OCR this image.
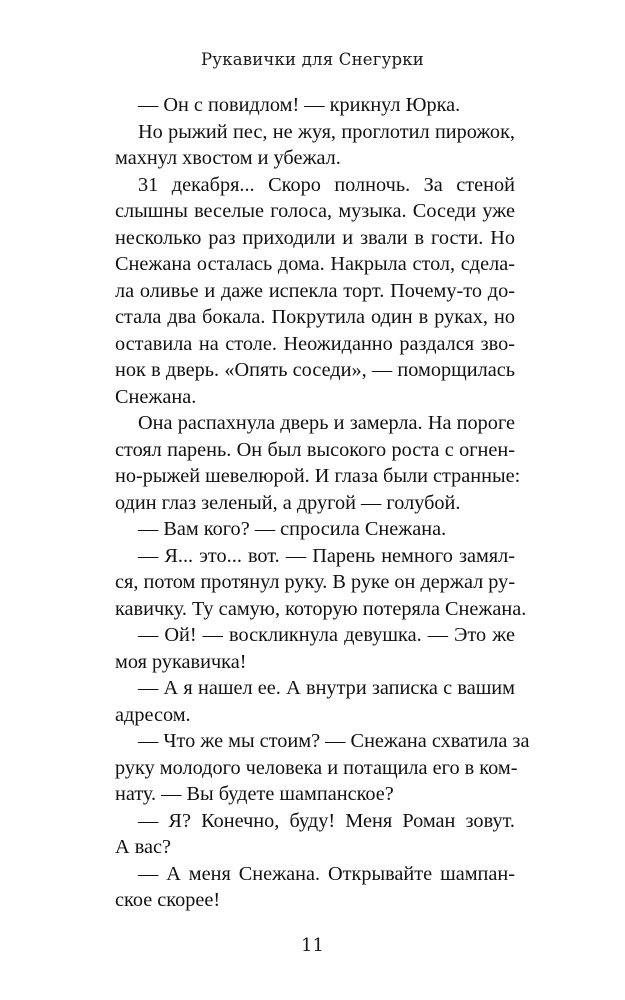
Рукавички для Снегурки
— Он с повидлом! — крикнул Юрка.
Но рыжий пес, не жуя, проглотил пирожок,
махнул хвостом и убежал.
31 декабря... Скоро полночь. За стеной
слышны веселые голоса, музыка. Соседи уже
несколько раз приходили и звали в гости. Но
Снежана осталась дома. Накрыла стол, сдела-
ла оливье и даже испекла торт. Почему-то до-
стала два бокала. Покрутила один в руках, но
оставила на столе. Неожиданно раздался зво-
нок в дверь. «Опять соседи», — поморщилась
Снежана.
Она распахнула дверь и замерла. На пороге
стоял парень. Он был высокого роста с огнен-
но-рыжей шевелюрой. И глаза были странные:
один глаз зеленый, а другой — голубой.
— Вам кого? — спросила Снежана.
— Я... это... вот. — Парень немного замял-
ся, потом протянул руку. В руке он держал ру-
кавичку. Ту самую, которую потеряла Снежана.
— Ой! — воскликнула девушка. — Это же
моя рукавичка!
— А я нашел ее. А внутри записка с вашим
адресом.
— Что же мы стоим? — Снежана схватила за
руку молодого человека и потащила его в ком-
нату. — Вы будете шампанское?
— Я? Конечно, буду! Меня Роман зовут.
А вас?
— А меня Снежана. Открывайте шампан-
ское скорее!
11
